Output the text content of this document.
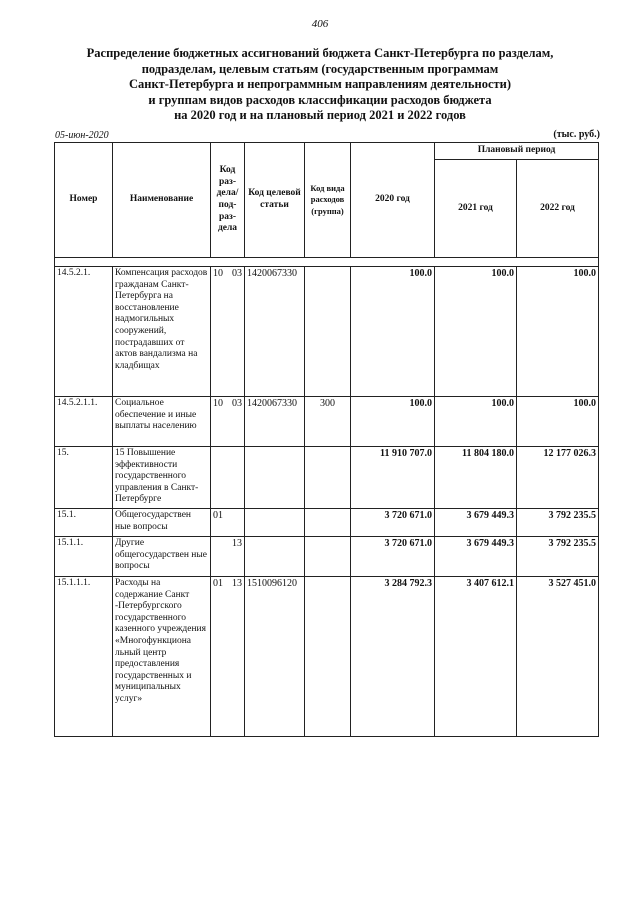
406
Распределение бюджетных ассигнований бюджета Санкт-Петербурга по разделам,
подразделам, целевым статьям (государственным программам
Санкт-Петербурга и непрограммным направлениям деятельности)
и группам видов расходов классификации расходов бюджета
на 2020 год и на плановый период 2021 и 2022 годов
05-июн-2020	(тыс. руб.)
Номер	Наименование	Код раз-дела/ под-раз-дела	Код целевой статьи	Код вида расходов (группа)	2020 год	Плановый период	
						2021 год	2022 год

14.5.2.1.	Компенсация расходов гражданам Санкт-Петербурга на восстановление надмогильных сооружений, пострадавших от актов вандализма на кладбищах	10 03	1420067330		100.0	100.0	100.0
14.5.2.1.1.	Социальное обеспечение и иные выплаты населению	10 03	1420067330	300	100.0	100.0	100.0
15.	15 Повышение эффективности государственного управления в Санкт-Петербурге				11 910 707.0	11 804 180.0	12 177 026.3
15.1.	Общегосударствен ные вопросы	01			3 720 671.0	3 679 449.3	3 792 235.5
15.1.1.	Другие общегосударствен ные вопросы	13			3 720 671.0	3 679 449.3	3 792 235.5
15.1.1.1.	Расходы на содержание Санкт -Петербургского государственного казенного учреждения «Многофункциона льный центр предоставления государственных и муниципальных услуг»	01 13	1510096120		3 284 792.3	3 407 612.1	3 527 451.0
